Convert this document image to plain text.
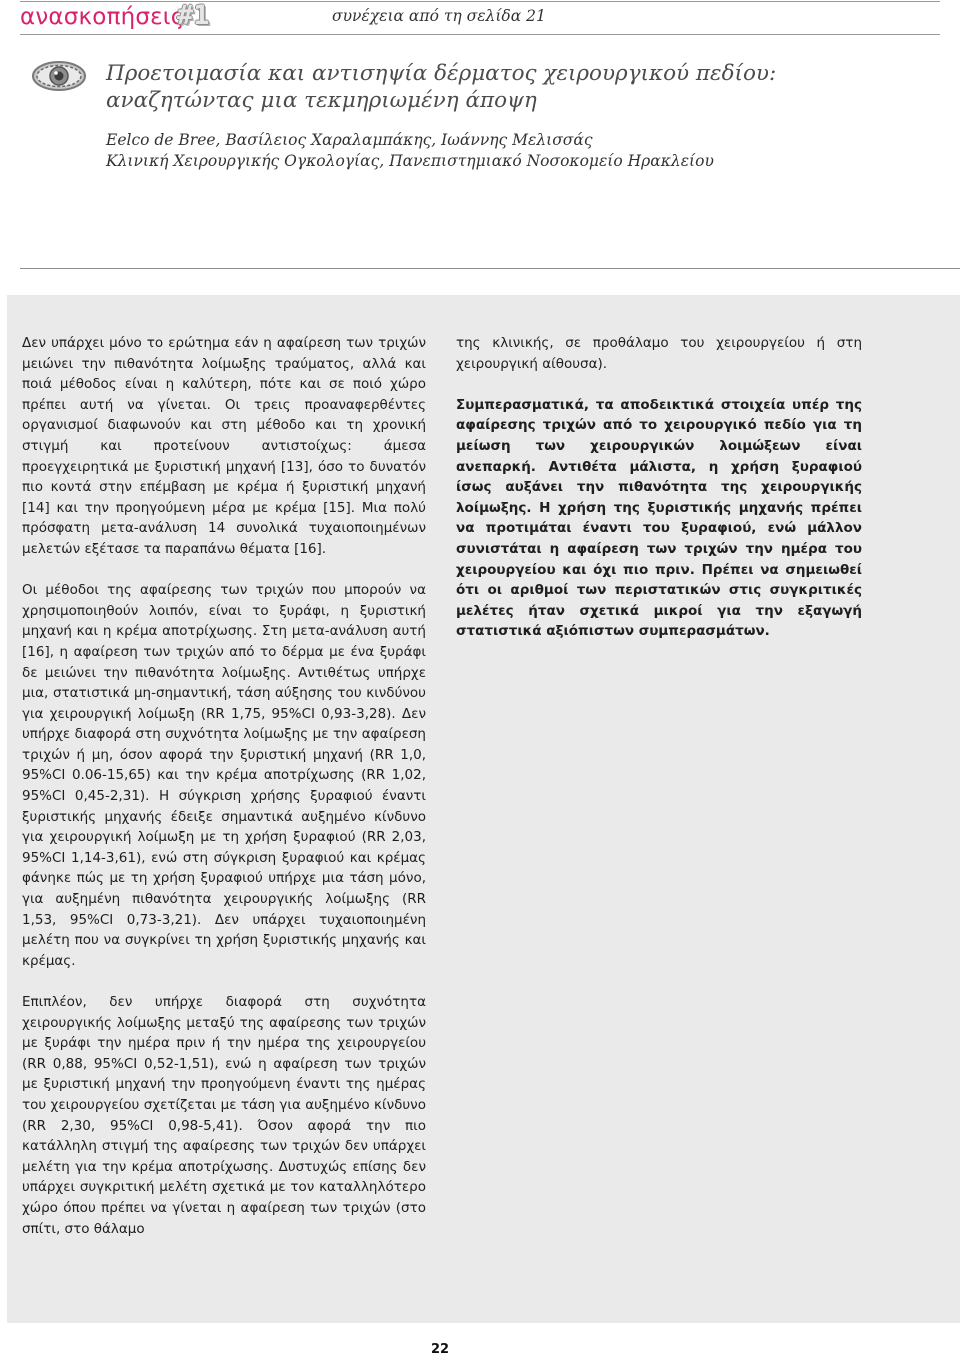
ανασκοπήσεις
#1	συνέχεια από τη σελίδα 21
Προετοιμασία και αντισηψία δέρματος χειρουργικού πεδίου:
αναζητώντας μια τεκμηριωμένη άποψη
Eelco de Bree, Βασίλειος Χαραλαμπάκης, Ιωάννης Μελισσάς
Κλινική Χειρουργικής Ογκολογίας, Πανεπιστημιακό Νοσοκομείο Ηρακλείου

Δεν υπάρχει μόνο το ερώτημα εάν η αφαίρεση των τριχών μειώνει την πιθανότητα λοίμωξης τραύματος, αλλά και ποιά μέθοδος είναι η καλύτερη, πότε και σε ποιό χώρο πρέπει αυτή να γίνεται. Οι τρεις προαναφερθέντες οργανισμοί διαφωνούν και στη μέθοδο και τη χρονική στιγμή και προτείνουν αντιστοίχως: άμεσα προεγχειρητικά με ξυριστική μηχανή [13], όσο το δυνατόν πιο κοντά στην επέμβαση με κρέμα ή ξυριστική μηχανή [14] και την προηγούμενη μέρα με κρέμα [15]. Μια πολύ πρόσφατη μετα-ανάλυση 14 συνολικά τυχαιοποιημένων μελετών εξέτασε τα παραπάνω θέματα [16].

Οι μέθοδοι της αφαίρεσης των τριχών που μπορούν να χρησιμοποιηθούν λοιπόν, είναι το ξυράφι, η ξυριστική μηχανή και η κρέμα αποτρίχωσης. Στη μετα-ανάλυση αυτή [16], η αφαίρεση των τριχών από το δέρμα με ένα ξυράφι δε μειώνει την πιθανότητα λοίμωξης. Αντιθέτως υπήρχε μια, στατιστικά μη-σημαντική, τάση αύξησης του κινδύνου για χειρουργική λοίμωξη (RR 1,75, 95%CI 0,93-3,28). Δεν υπήρχε διαφορά στη συχνότητα λοίμωξης με την αφαίρεση τριχών ή μη, όσον αφορά την ξυριστική μηχανή (RR 1,0, 95%CI 0.06-15,65) και την κρέμα αποτρίχωσης (RR 1,02, 95%CI 0,45-2,31). Η σύγκριση χρήσης ξυραφιού έναντι ξυριστικής μηχανής έδειξε σημαντικά αυξημένο κίνδυνο για χειρουργική λοίμωξη με τη χρήση ξυραφιού (RR 2,03, 95%CI 1,14-3,61), ενώ στη σύγκριση ξυραφιού και κρέμας φάνηκε πώς με τη χρήση ξυραφιού υπήρχε μια τάση μόνο, για αυξημένη πιθανότητα χειρουργικής λοίμωξης (RR 1,53, 95%CI 0,73-3,21). Δεν υπάρχει τυχαιοποιημένη μελέτη που να συγκρίνει τη χρήση ξυριστικής μηχανής και κρέμας.

Επιπλέον, δεν υπήρχε διαφορά στη συχνότητα χειρουργικής λοίμωξης μεταξύ της αφαίρεσης των τριχών με ξυράφι την ημέρα πριν ή την ημέρα της χειρουργείου (RR 0,88, 95%CI 0,52-1,51), ενώ η αφαίρεση των τριχών με ξυριστική μηχανή την προηγούμενη έναντι της ημέρας του χειρουργείου σχετίζεται με τάση για αυξημένο κίνδυνο (RR 2,30, 95%CI 0,98-5,41). Όσον αφορά την πιο κατάλληλη στιγμή της αφαίρεσης των τριχών δεν υπάρχει μελέτη για την κρέμα αποτρίχωσης. Δυστυχώς επίσης δεν υπάρχει συγκριτική μελέτη σχετικά με τον καταλληλότερο χώρο όπου πρέπει να γίνεται η αφαίρεση των τριχών (στο σπίτι, στο θάλαμο

της κλινικής, σε προθάλαμο του χειρουργείου ή στη χειρουργική αίθουσα).

Συμπερασματικά, τα αποδεικτικά στοιχεία υπέρ της αφαίρεσης τριχών από το χειρουργικό πεδίο για τη μείωση των χειρουργικών λοιμώξεων είναι ανεπαρκή. Αντιθέτα μάλιστα, η χρήση ξυραφιού ίσως αυξάνει την πιθανότητα της χειρουργικής λοίμωξης. Η χρήση της ξυριστικής μηχανής πρέπει να προτιμάται έναντι του ξυραφιού, ενώ μάλλον συνιστάται η αφαίρεση των τριχών την ημέρα του χειρουργείου και όχι πιο πριν. Πρέπει να σημειωθεί ότι οι αριθμοί των περιστατικών στις συγκριτικές μελέτες ήταν σχετικά μικροί για την εξαγωγή στατιστικά αξιόπιστων συμπερασμάτων.

22
